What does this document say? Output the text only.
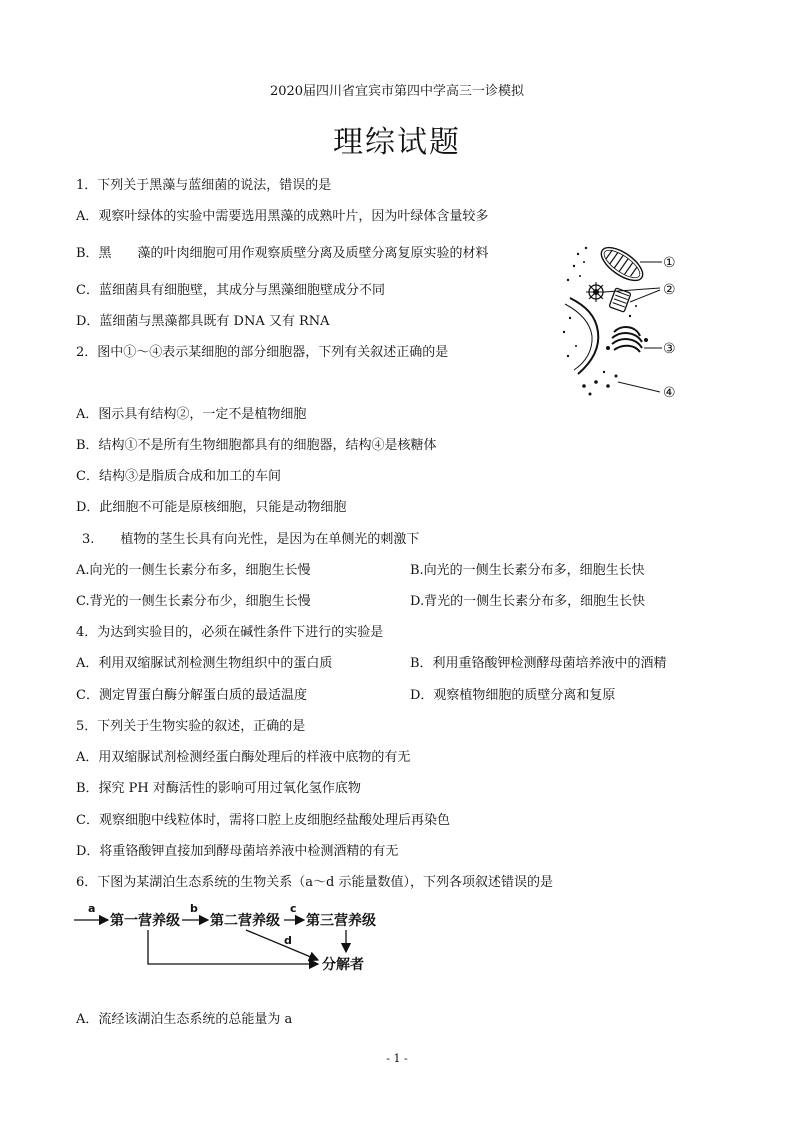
2020届四川省宜宾市第四中学高三一诊模拟
理综试题
1．下列关于黑藻与蓝细菌的说法，错误的是
A．观察叶绿体的实验中需要选用黑藻的成熟叶片，因为叶绿体含量较多
B．黑　　藻的叶肉细胞可用作观察质壁分离及质壁分离复原实验的材料
C．蓝细菌具有细胞壁，其成分与黑藻细胞壁成分不同
D．蓝细菌与黑藻都具既有 DNA 又有 RNA
2．图中①～④表示某细胞的部分细胞器，下列有关叙述正确的是
A．图示具有结构②，一定不是植物细胞
B．结构①不是所有生物细胞都具有的细胞器，结构④是核糖体
C．结构③是脂质合成和加工的车间
D．此细胞不可能是原核细胞，只能是动物细胞
①
②
③
④
3.　　植物的茎生长具有向光性，是因为在单侧光的刺激下
A.向光的一侧生长素分布多，细胞生长慢	B.向光的一侧生长素分布多，细胞生长快
C.背光的一侧生长素分布少，细胞生长慢	D.背光的一侧生长素分布多，细胞生长快
4．为达到实验目的，必须在碱性条件下进行的实验是
A．利用双缩脲试剂检测生物组织中的蛋白质	B．利用重铬酸钾检测酵母菌培养液中的酒精
C．测定胃蛋白酶分解蛋白质的最适温度	D．观察植物细胞的质壁分离和复原
5．下列关于生物实验的叙述，正确的是
A．用双缩脲试剂检测经蛋白酶处理后的样液中底物的有无
B．探究 PH 对酶活性的影响可用过氧化氢作底物
C．观察细胞中线粒体时，需将口腔上皮细胞经盐酸处理后再染色
D．将重铬酸钾直接加到酵母菌培养液中检测酒精的有无
6．下图为某湖泊生态系统的生物关系（a～d 示能量数值），下列各项叙述错误的是
a
第一营养级
b
第二营养级
c
第三营养级
d
分解者
A．流经该湖泊生态系统的总能量为 a
- 1 -
